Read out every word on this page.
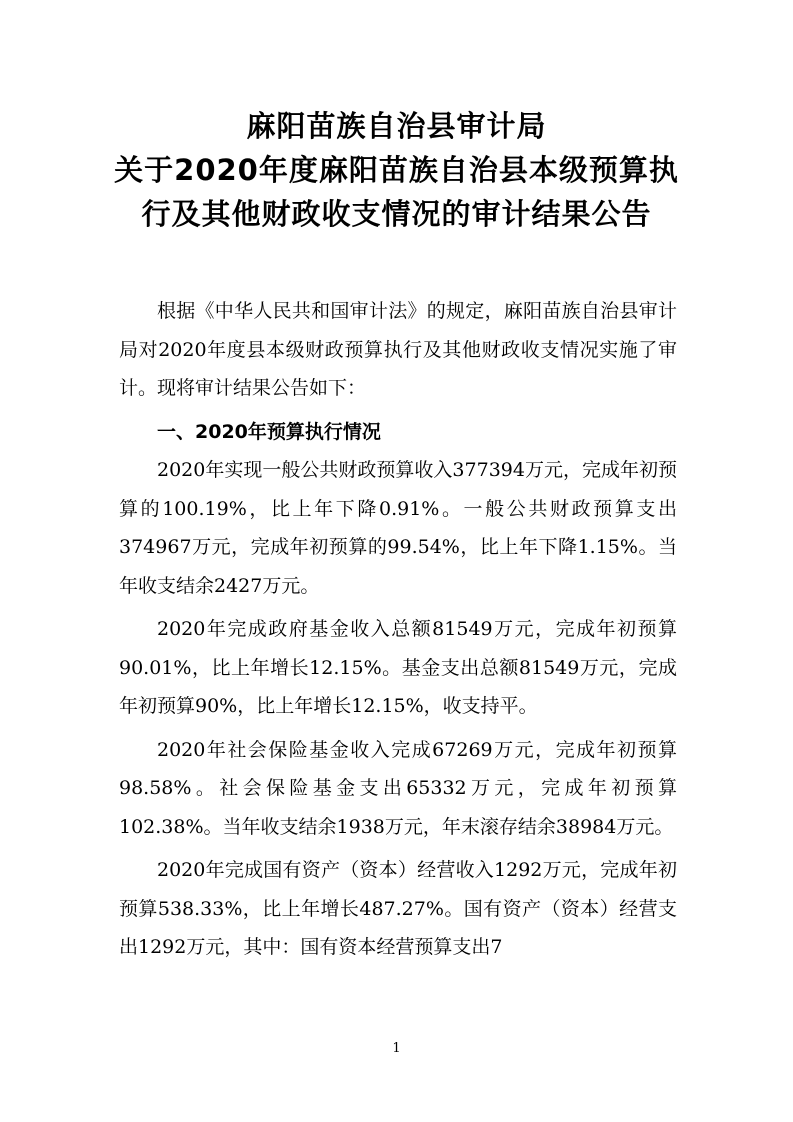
麻阳苗族自治县审计局
关于2020年度麻阳苗族自治县本级预算执
行及其他财政收支情况的审计结果公告

根据《中华人民共和国审计法》的规定，麻阳苗族自治县审计局对2020年度县本级财政预算执行及其他财政收支情况实施了审计。现将审计结果公告如下：

一、2020年预算执行情况

2020年实现一般公共财政预算收入377394万元，完成年初预算的100.19%，比上年下降0.91%。一般公共财政预算支出374967万元，完成年初预算的99.54%，比上年下降1.15%。当年收支结余2427万元。

2020年完成政府基金收入总额81549万元，完成年初预算90.01%，比上年增长12.15%。基金支出总额81549万元，完成年初预算90%，比上年增长12.15%，收支持平。

2020年社会保险基金收入完成67269万元，完成年初预算98.58%。社会保险基金支出65332万元，完成年初预算102.38%。当年收支结余1938万元，年末滚存结余38984万元。

2020年完成国有资产（资本）经营收入1292万元，完成年初预算538.33%，比上年增长487.27%。国有资产（资本）经营支出1292万元，其中：国有资本经营预算支出7

1
